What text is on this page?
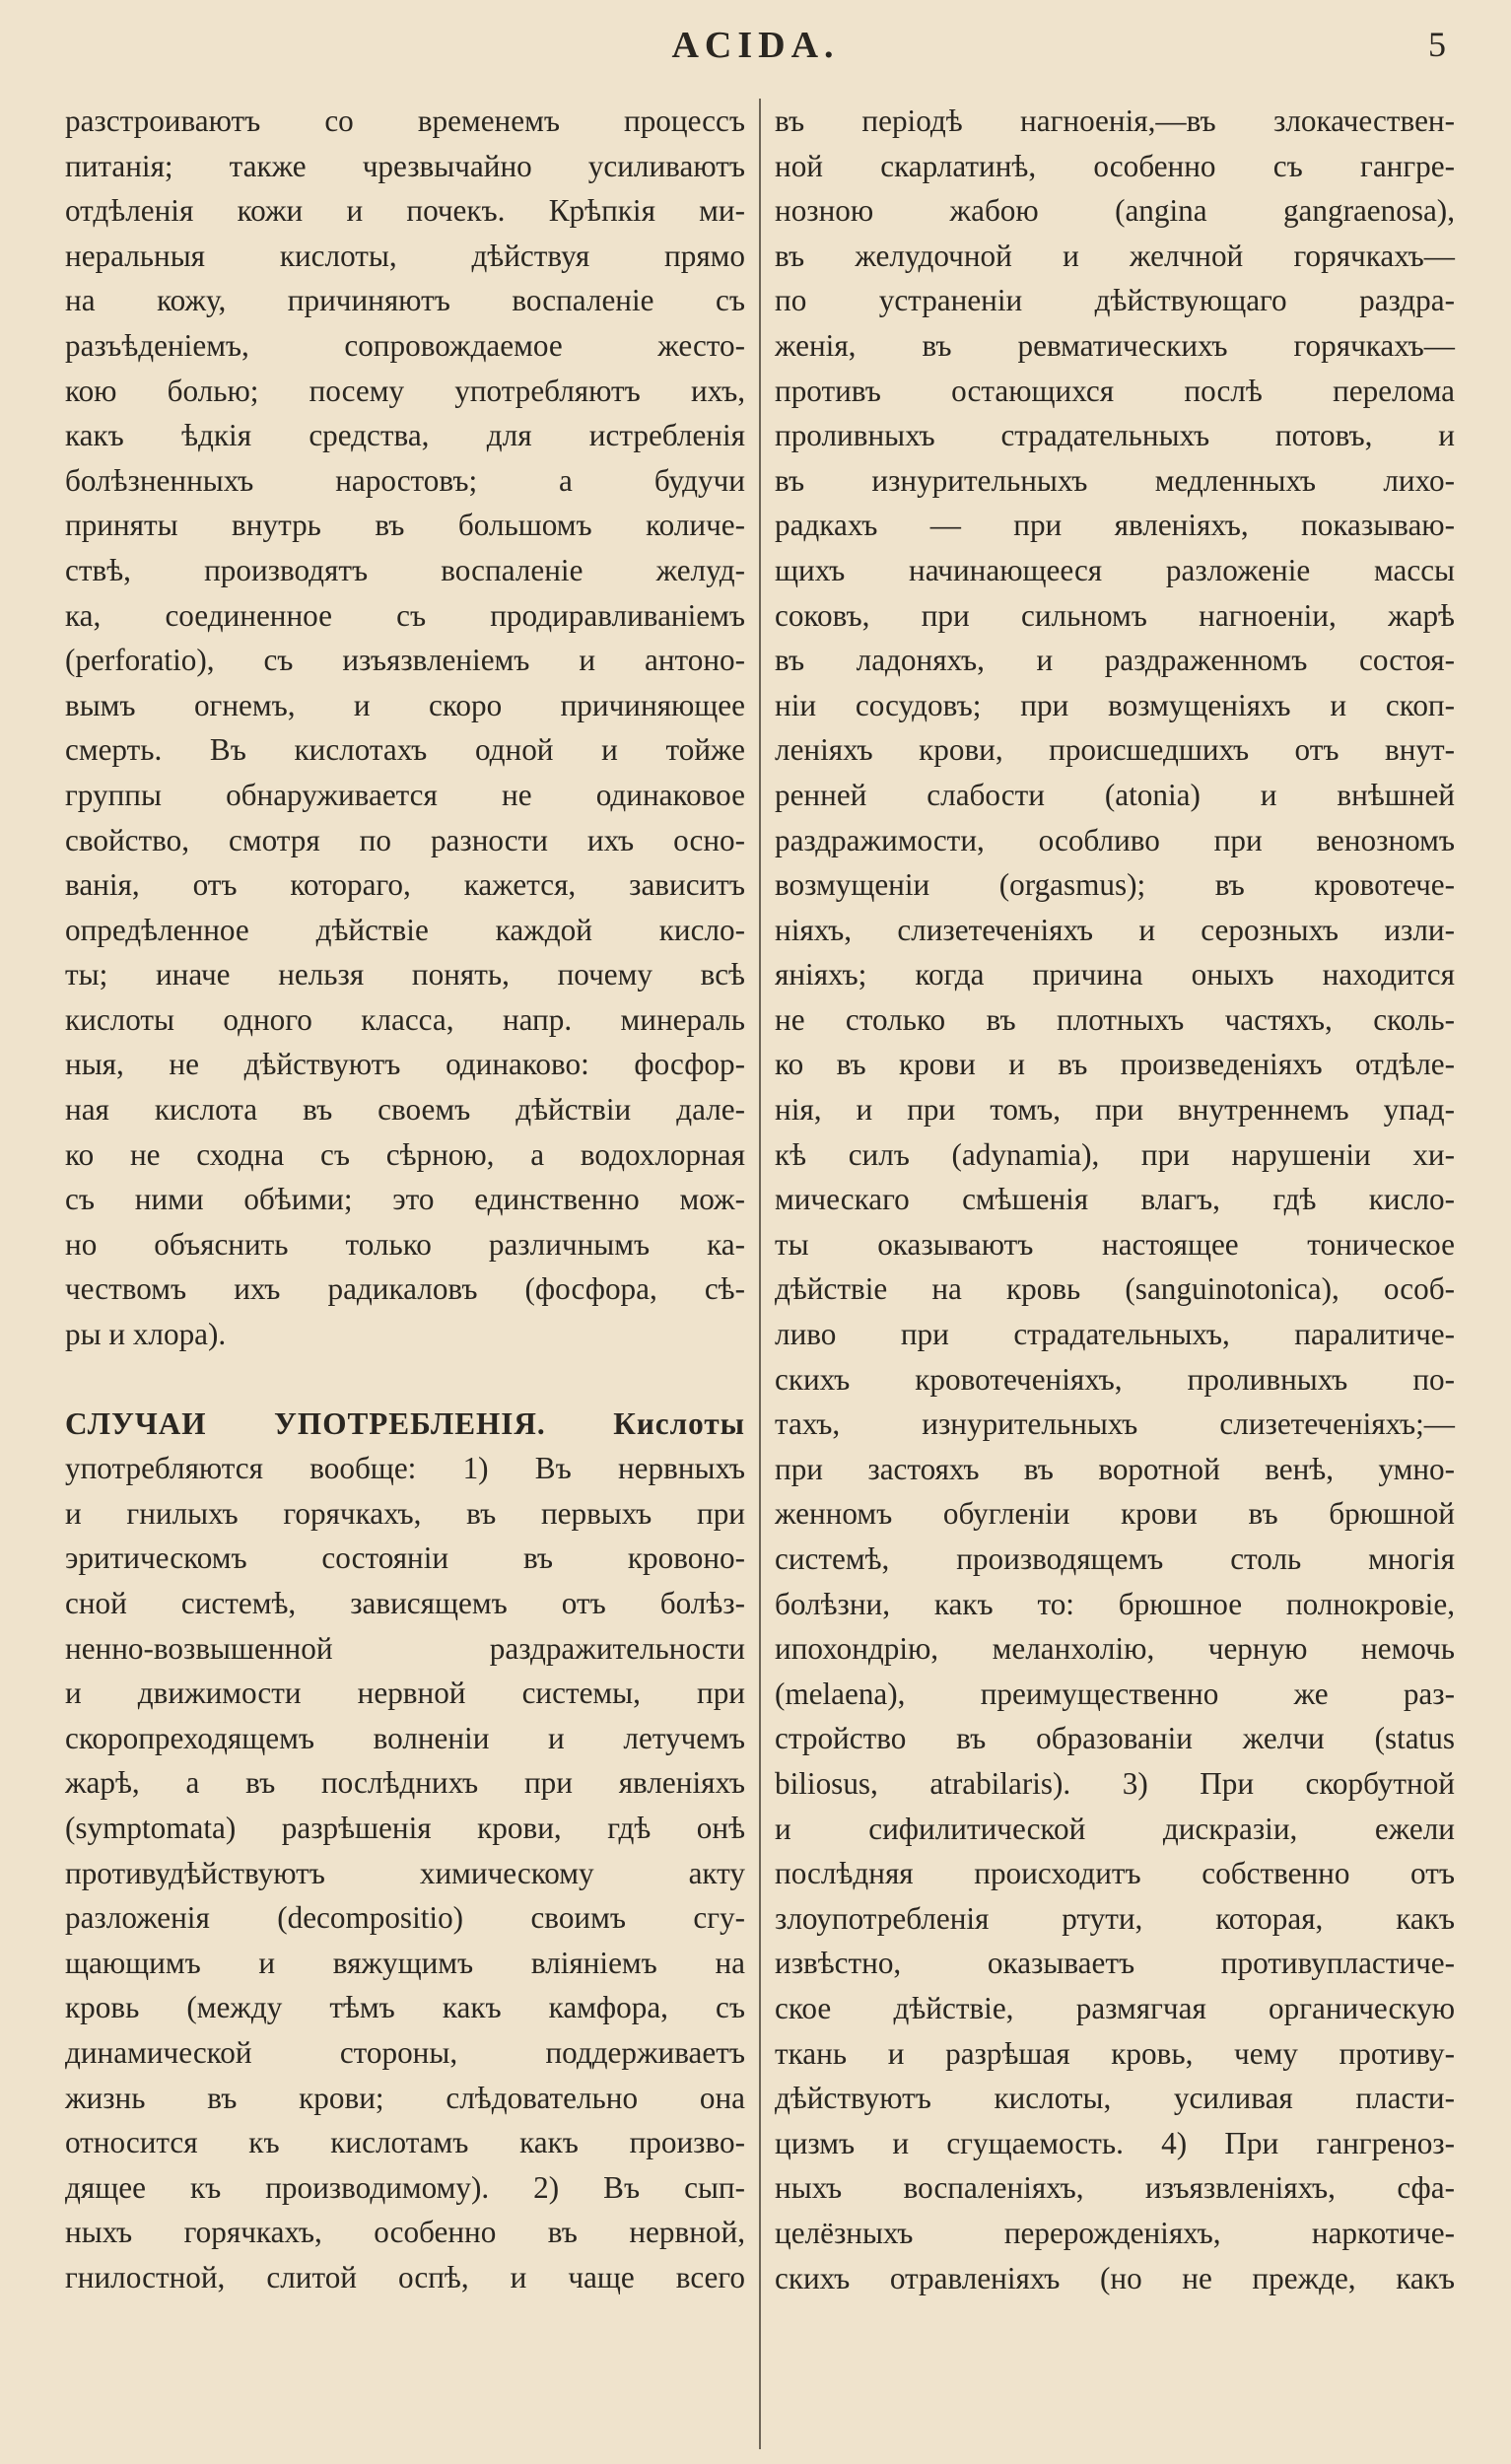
ACIDA.	5
разстроиваютъ со временемъ процессъ
питанія; также чрезвычайно усиливаютъ
отдѣленія кожи и почекъ. Крѣпкія ми-
неральныя кислоты, дѣйствуя прямо
на кожу, причиняютъ воспаленіе съ
разъѣденіемъ, сопровождаемое жесто-
кою болью; посему употребляютъ ихъ,
какъ ѣдкія средства, для истребленія
болѣзненныхъ наростовъ; а будучи
приняты внутрь въ большомъ количе-
ствѣ, производятъ воспаленіе желуд-
ка, соединенное съ продиравливаніемъ
(perforatio), съ изъязвленіемъ и антоно-
вымъ огнемъ, и скоро причиняющее
смерть. Въ кислотахъ одной и тойже
группы обнаруживается не одинаковое
свойство, смотря по разности ихъ осно-
ванія, отъ котораго, кажется, зависитъ
опредѣленное дѣйствіе каждой кисло-
ты; иначе нельзя понять, почему всѣ
кислоты одного класса, напр. минераль
ныя, не дѣйствуютъ одинаково: фосфор-
ная кислота въ своемъ дѣйствіи дале-
ко не сходна съ сѣрною, а водохлорная
съ ними обѣими; это единственно мож-
но объяснить только различнымъ ка-
чествомъ ихъ радикаловъ (фосфора, сѣ-
ры и хлора).
СЛУЧАИ УПОТРЕБЛЕНІЯ. Кислоты
употребляются вообще: 1) Въ нервныхъ
и гнилыхъ горячкахъ, въ первыхъ при
эритическомъ состояніи въ кровоно-
сной системѣ, зависящемъ отъ болѣз-
ненно-возвышенной раздражительности
и движимости нервной системы, при
скоропреходящемъ волненіи и летучемъ
жарѣ, а въ послѣднихъ при явленіяхъ
(symptomata) разрѣшенія крови, гдѣ онѣ
противудѣйствуютъ химическому акту
разложенія (decompositio) своимъ сгу-
щающимъ и вяжущимъ вліяніемъ на
кровь (между тѣмъ какъ камфора, съ
динамической стороны, поддерживаетъ
жизнь въ крови; слѣдовательно она
относится къ кислотамъ какъ произво-
дящее къ производимому). 2) Въ сып-
ныхъ горячкахъ, особенно въ нервной,
гнилостной, слитой оспѣ, и чаще всего
въ періодѣ нагноенія,—въ злокачествен-
ной скарлатинѣ, особенно съ гангре-
нозною жабою (angina gangraenosa),
въ желудочной и желчной горячкахъ—
по устраненіи дѣйствующаго раздра-
женія, въ ревматическихъ горячкахъ—
противъ остающихся послѣ перелома
проливныхъ страдательныхъ потовъ, и
въ изнурительныхъ медленныхъ лихо-
радкахъ — при явленіяхъ, показываю-
щихъ начинающееся разложеніе массы
соковъ, при сильномъ нагноеніи, жарѣ
въ ладоняхъ, и раздраженномъ состоя-
ніи сосудовъ; при возмущеніяхъ и скоп-
леніяхъ крови, происшедшихъ отъ внут-
ренней слабости (atonia) и внѣшней
раздражимости, особливо при венозномъ
возмущеніи (orgasmus); въ кровотече-
ніяхъ, слизетеченіяхъ и серозныхъ изли-
яніяхъ; когда причина оныхъ находится
не столько въ плотныхъ частяхъ, сколь-
ко въ крови и въ произведеніяхъ отдѣле-
нія, и при томъ, при внутреннемъ упад-
кѣ силъ (adynamia), при нарушеніи хи-
мическаго смѣшенія влагъ, гдѣ кисло-
ты оказываютъ настоящее тоническое
дѣйствіе на кровь (sanguinotonica), особ-
ливо при страдательныхъ, паралитиче-
скихъ кровотеченіяхъ, проливныхъ по-
тахъ, изнурительныхъ слизетеченіяхъ;—
при застояхъ въ воротной венѣ, умно-
женномъ обугленіи крови въ брюшной
системѣ, производящемъ столь многія
болѣзни, какъ то: брюшное полнокровіе,
ипохондрію, меланхолію, черную немочь
(melaena), преимущественно же раз-
стройство въ образованіи желчи (status
biliosus, atrabilaris). 3) При скорбутной
и сифилитической дискразіи, ежели
послѣдняя происходитъ собственно отъ
злоупотребленія ртути, которая, какъ
извѣстно, оказываетъ противупластиче-
ское дѣйствіе, размягчая органическую
ткань и разрѣшая кровь, чему противу-
дѣйствуютъ кислоты, усиливая пласти-
цизмъ и сгущаемость. 4) При гангреноз-
ныхъ воспаленіяхъ, изъязвленіяхъ, сфа-
целёзныхъ перерожденіяхъ, наркотиче-
скихъ отравленіяхъ (но не прежде, какъ
